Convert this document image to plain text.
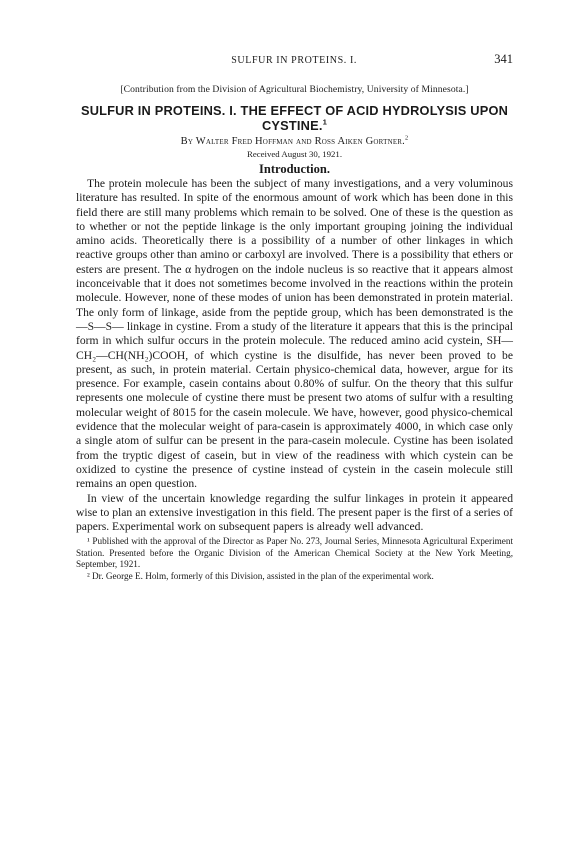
SULFUR IN PROTEINS. I.	341
[Contribution from the Division of Agricultural Biochemistry, University of Minnesota.]
SULFUR IN PROTEINS. I. THE EFFECT OF ACID HYDROLYSIS UPON CYSTINE.$^1$
By Walter Fred Hoffman and Ross Aiken Gortner.$^2$
Received August 30, 1921.
Introduction.

The protein molecule has been the subject of many investigations, and a very voluminous literature has resulted. In spite of the enormous amount of work which has been done in this field there are still many problems which remain to be solved. One of these is the question as to whether or not the peptide linkage is the only important grouping joining the individual amino acids. Theoretically there is a possibility of a number of other linkages in which reactive groups other than amino or carboxyl are involved. There is a possibility that ethers or esters are present. The α hydrogen on the indole nucleus is so reactive that it appears almost inconceivable that it does not sometimes become involved in the reactions within the protein molecule. However, none of these modes of union has been demonstrated in protein material. The only form of linkage, aside from the peptide group, which has been demonstrated is the —S—S— linkage in cystine. From a study of the literature it appears that this is the principal form in which sulfur occurs in the protein molecule. The reduced amino acid cystein, SH—CH₂—CH(NH₂)COOH, of which cystine is the disulfide, has never been proved to be present, as such, in protein material. Certain physico-chemical data, however, argue for its presence. For example, casein contains about 0.80% of sulfur. On the theory that this sulfur represents one molecule of cystine there must be present two atoms of sulfur with a resulting molecular weight of 8015 for the casein molecule. We have, however, good physico-chemical evidence that the molecular weight of para-casein is approximately 4000, in which case only a single atom of sulfur can be present in the para-casein molecule. Cystine has been isolated from the tryptic digest of casein, but in view of the readiness with which cystein can be oxidized to cystine the presence of cystine instead of cystein in the casein molecule still remains an open question.

In view of the uncertain knowledge regarding the sulfur linkages in protein it appeared wise to plan an extensive investigation in this field. The present paper is the first of a series of papers. Experimental work on subsequent papers is already well advanced.

¹ Published with the approval of the Director as Paper No. 273, Journal Series, Minnesota Agricultural Experiment Station. Presented before the Organic Division of the American Chemical Society at the New York Meeting, September, 1921.

² Dr. George E. Holm, formerly of this Division, assisted in the plan of the experimental work.
